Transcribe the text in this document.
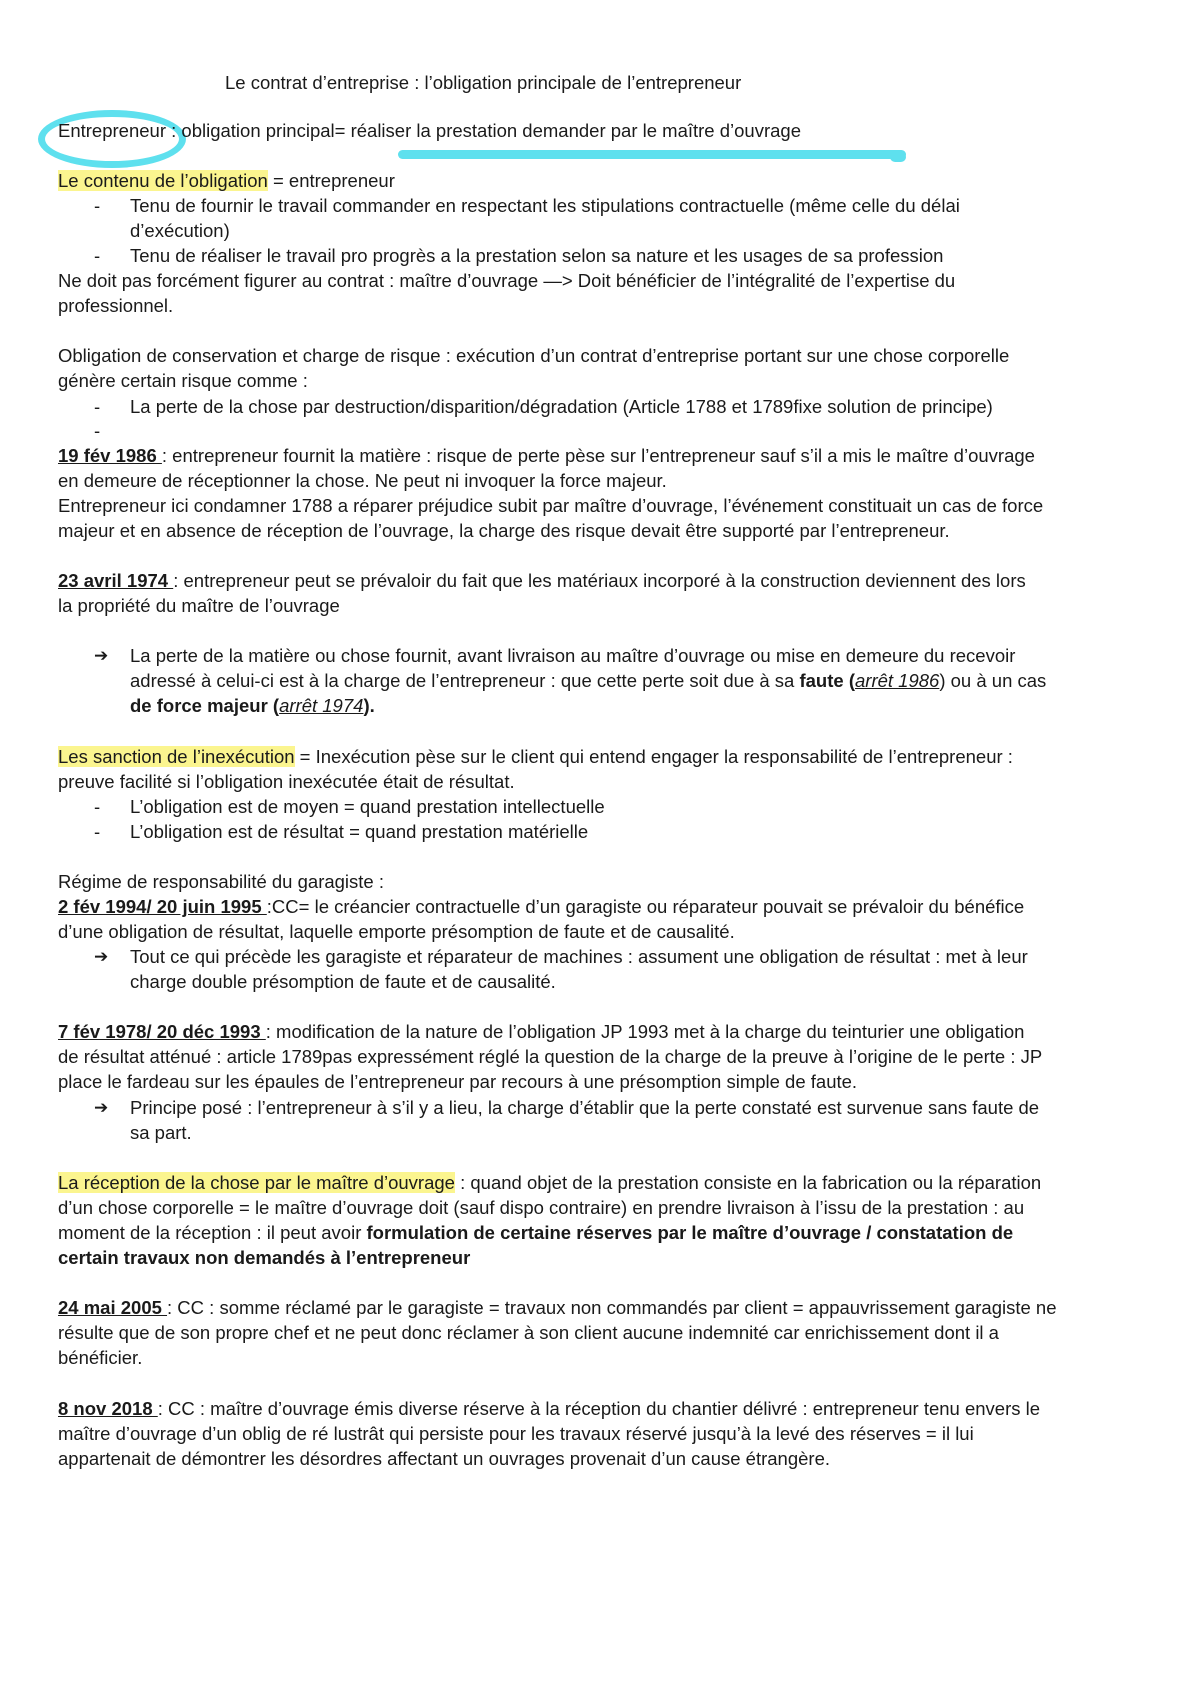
Le contrat d’entreprise : l’obligation principale de l’entrepreneur
Entrepreneur : obligation principal= réaliser la prestation demander par le maître d’ouvrage
Le contenu de l’obligation = entrepreneur
- Tenu de fournir le travail commander en respectant les stipulations contractuelle (même celle du délai
d’exécution)
- Tenu de réaliser le travail pro progrès a la prestation selon sa nature et les usages de sa profession
Ne doit pas forcément figurer au contrat : maître d’ouvrage —> Doit bénéficier de l’intégralité de l’expertise du
professionnel.
Obligation de conservation et charge de risque : exécution d’un contrat d’entreprise portant sur une chose corporelle
génère certain risque comme :
- La perte de la chose par destruction/disparition/dégradation (Article 1788 et 1789fixe solution de principe)
-
19 fév 1986 : entrepreneur fournit la matière : risque de perte pèse sur l’entrepreneur sauf s’il a mis le maître d’ouvrage
en demeure de réceptionner la chose. Ne peut ni invoquer la force majeur.
Entrepreneur ici condamner 1788 a réparer préjudice subit par maître d’ouvrage, l’événement constituait un cas de force
majeur et en absence de réception de l’ouvrage, la charge des risque devait être supporté par l’entrepreneur.
23 avril 1974 : entrepreneur peut se prévaloir du fait que les matériaux incorporé à la construction deviennent des lors
la propriété du maître de l’ouvrage
➔ La perte de la matière ou chose fournit, avant livraison au maître d’ouvrage ou mise en demeure du recevoir
adressé à celui-ci est à la charge de l’entrepreneur : que cette perte soit due à sa faute (arrêt 1986) ou à un cas
de force majeur (arrêt 1974).
Les sanction de l’inexécution = Inexécution pèse sur le client qui entend engager la responsabilité de l’entrepreneur :
preuve facilité si l’obligation inexécutée était de résultat.
- L’obligation est de moyen = quand prestation intellectuelle
- L’obligation est de résultat = quand prestation matérielle
Régime de responsabilité du garagiste :
2 fév 1994/ 20 juin 1995 :CC= le créancier contractuelle d’un garagiste ou réparateur pouvait se prévaloir du bénéfice
d’une obligation de résultat, laquelle emporte présomption de faute et de causalité.
➔ Tout ce qui précède les garagiste et réparateur de machines : assument une obligation de résultat : met à leur
charge double présomption de faute et de causalité.
7 fév 1978/ 20 déc 1993 : modification de la nature de l’obligation JP 1993 met à la charge du teinturier une obligation
de résultat atténué : article 1789pas expressément réglé la question de la charge de la preuve à l’origine de le perte : JP
place le fardeau sur les épaules de l’entrepreneur par recours à une présomption simple de faute.
➔ Principe posé : l’entrepreneur à s’il y a lieu, la charge d’établir que la perte constaté est survenue sans faute de
sa part.
La réception de la chose par le maître d’ouvrage : quand objet de la prestation consiste en la fabrication ou la réparation
d’un chose corporelle = le maître d’ouvrage doit (sauf dispo contraire) en prendre livraison à l’issu de la prestation : au
moment de la réception : il peut avoir formulation de certaine réserves par le maître d’ouvrage / constatation de
certain travaux non demandés à l’entrepreneur
24 mai 2005 : CC : somme réclamé par le garagiste = travaux non commandés par client = appauvrissement garagiste ne
résulte que de son propre chef et ne peut donc réclamer à son client aucune indemnité car enrichissement dont il a
bénéficier.
8 nov 2018 : CC : maître d’ouvrage émis diverse réserve à la réception du chantier délivré : entrepreneur tenu envers le
maître d’ouvrage d’un oblig de ré lustrât qui persiste pour les travaux réservé jusqu’à la levé des réserves = il lui
appartenait de démontrer les désordres affectant un ouvrages provenait d’un cause étrangère.
